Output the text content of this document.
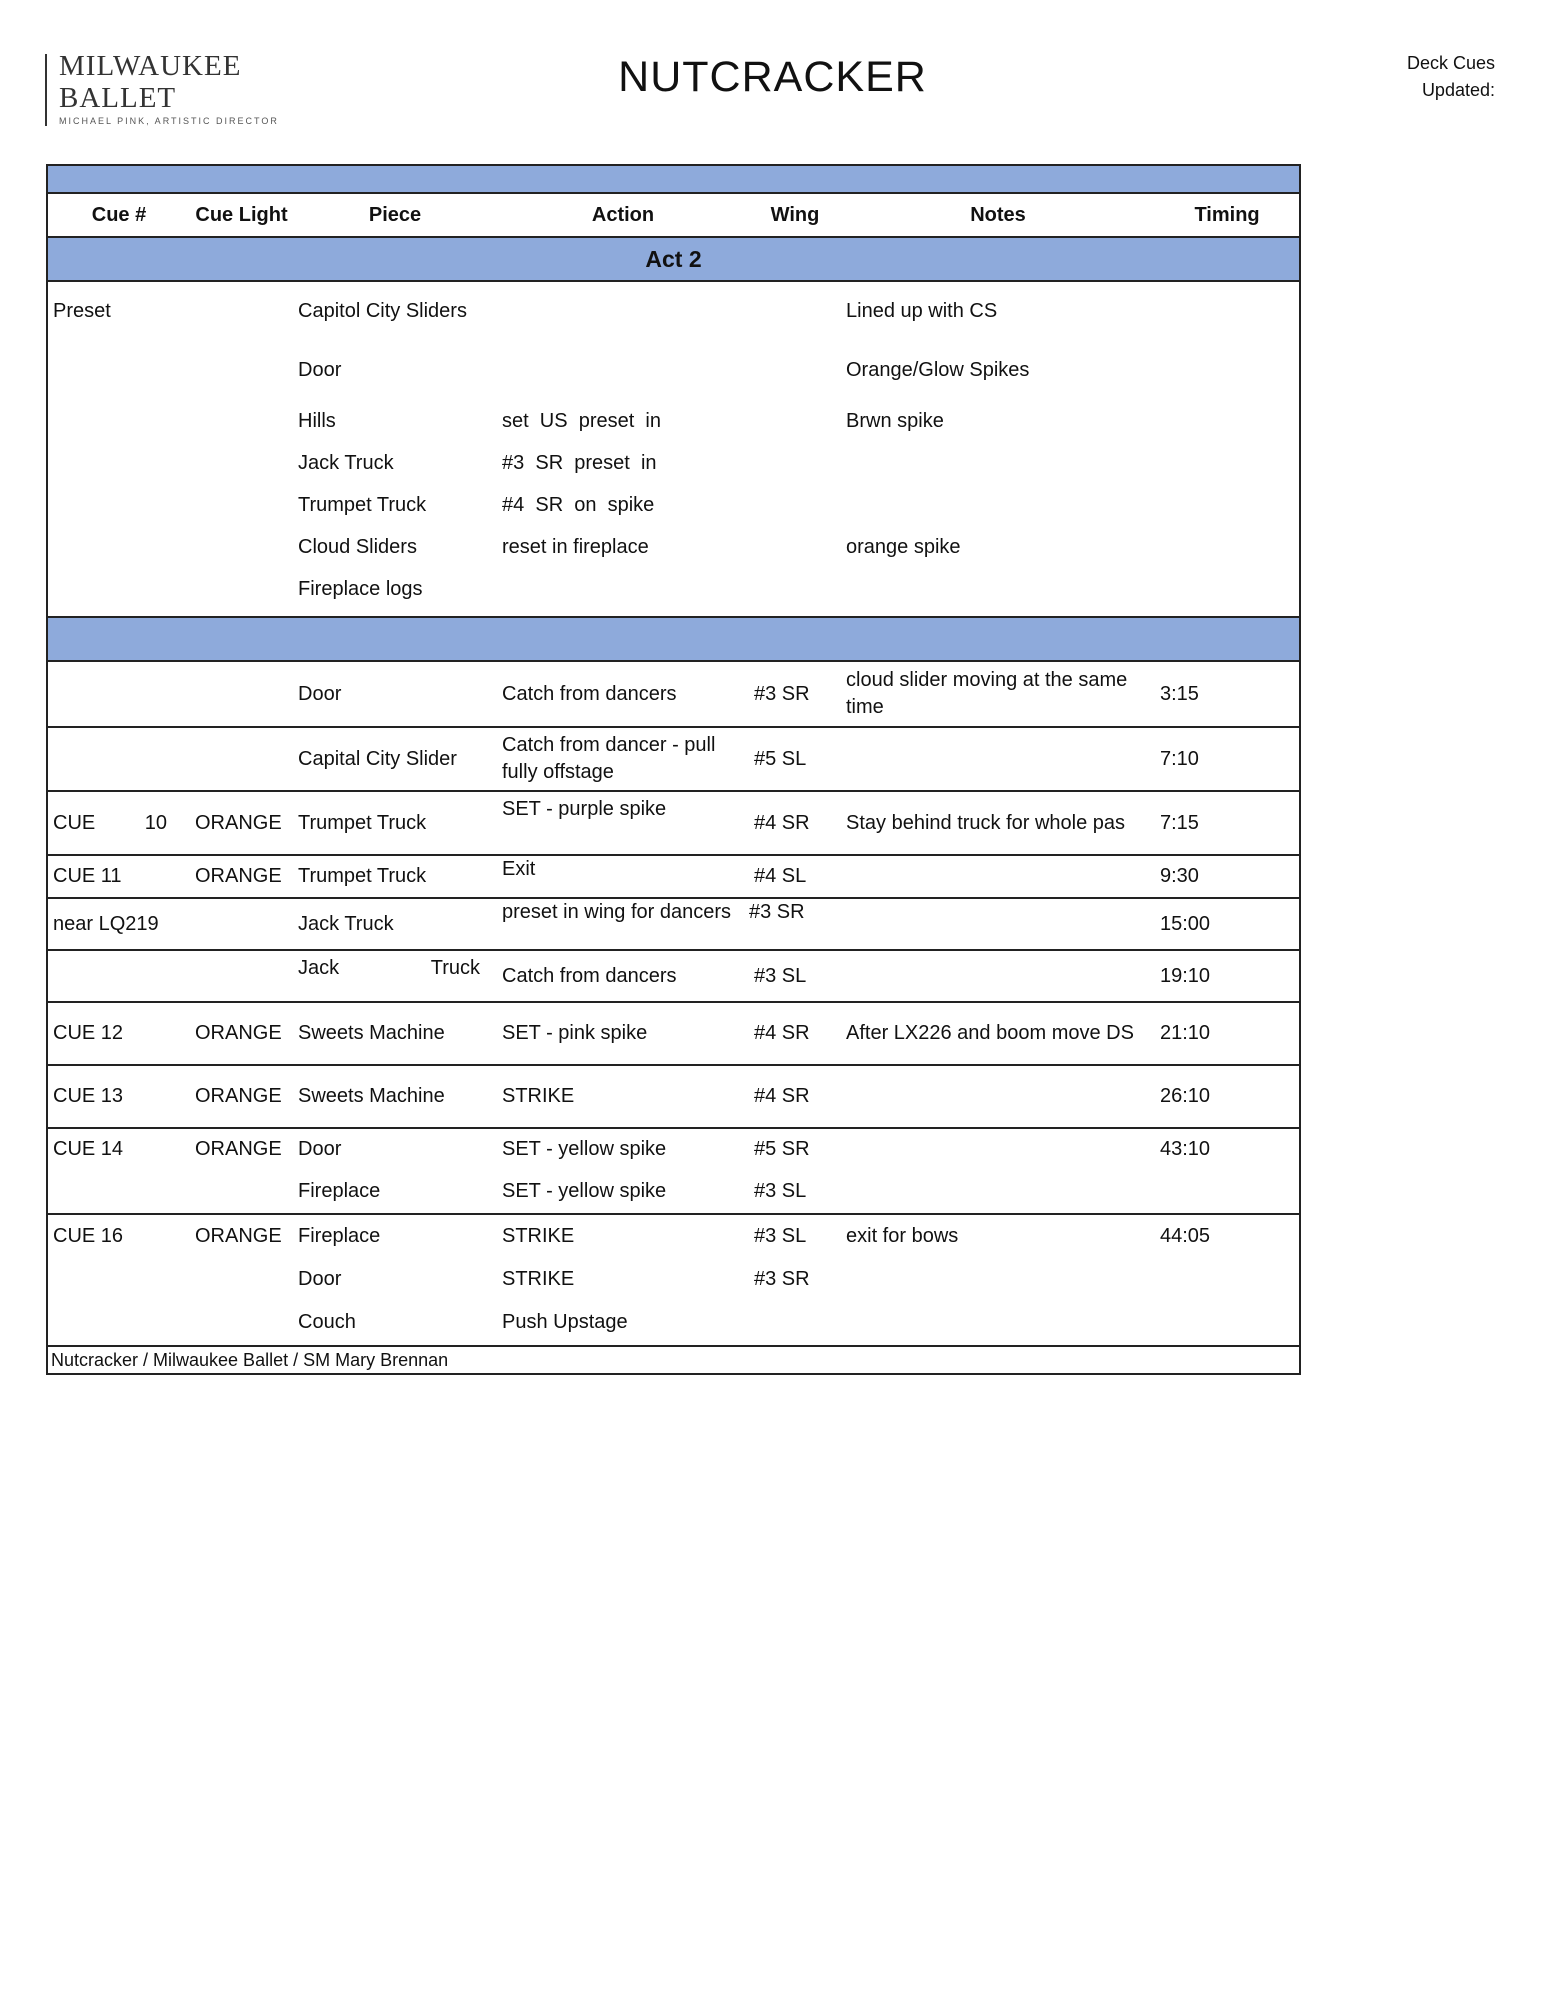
MILWAUKEE
BALLET
MICHAEL PINK, ARTISTIC DIRECTOR
NUTCRACKER	Deck Cues
Updated:

Cue #	Cue Light	Piece	Action	Wing	Notes	Timing
Act 2						
Preset		Capitol City Sliders			Lined up with CS	
		Door			Orange/Glow Spikes	
		Hills	set  US  preset  in		Brwn spike	
		Jack Truck	#3  SR  preset  in			
		Trumpet Truck	#4  SR  on  spike			
		Cloud Sliders	reset in fireplace		orange spike	
		Fireplace logs				

		Door	Catch from dancers	#3 SR	cloud slider moving at the same time	3:15
		Capital City Slider	Catch from dancer - pull fully offstage	#5 SL		7:10

CUE 10	ORANGE	Trumpet Truck	SET - purple spike	#4 SR	Stay behind truck for whole pas	7:15
CUE 11	ORANGE	Trumpet Truck	Exit	#4 SL		9:30
near LQ219		Jack Truck	preset in wing for dancers	#3 SR		15:00

		Jack Truck	Catch from dancers	#3 SL		19:10
CUE 12	ORANGE	Sweets Machine	SET - pink spike	#4 SR	After LX226 and boom move DS	21:10
CUE 13	ORANGE	Sweets Machine	STRIKE	#4 SR		26:10
CUE 14	ORANGE	Door	SET - yellow spike	#5 SR		43:10
		Fireplace	SET - yellow spike	#3 SL		
CUE 16	ORANGE	Fireplace	STRIKE	#3 SL	exit for bows	44:05
		Door	STRIKE	#3 SR		
		Couch	Push Upstage			
Nutcracker / Milwaukee Ballet / SM Mary Brennan						
